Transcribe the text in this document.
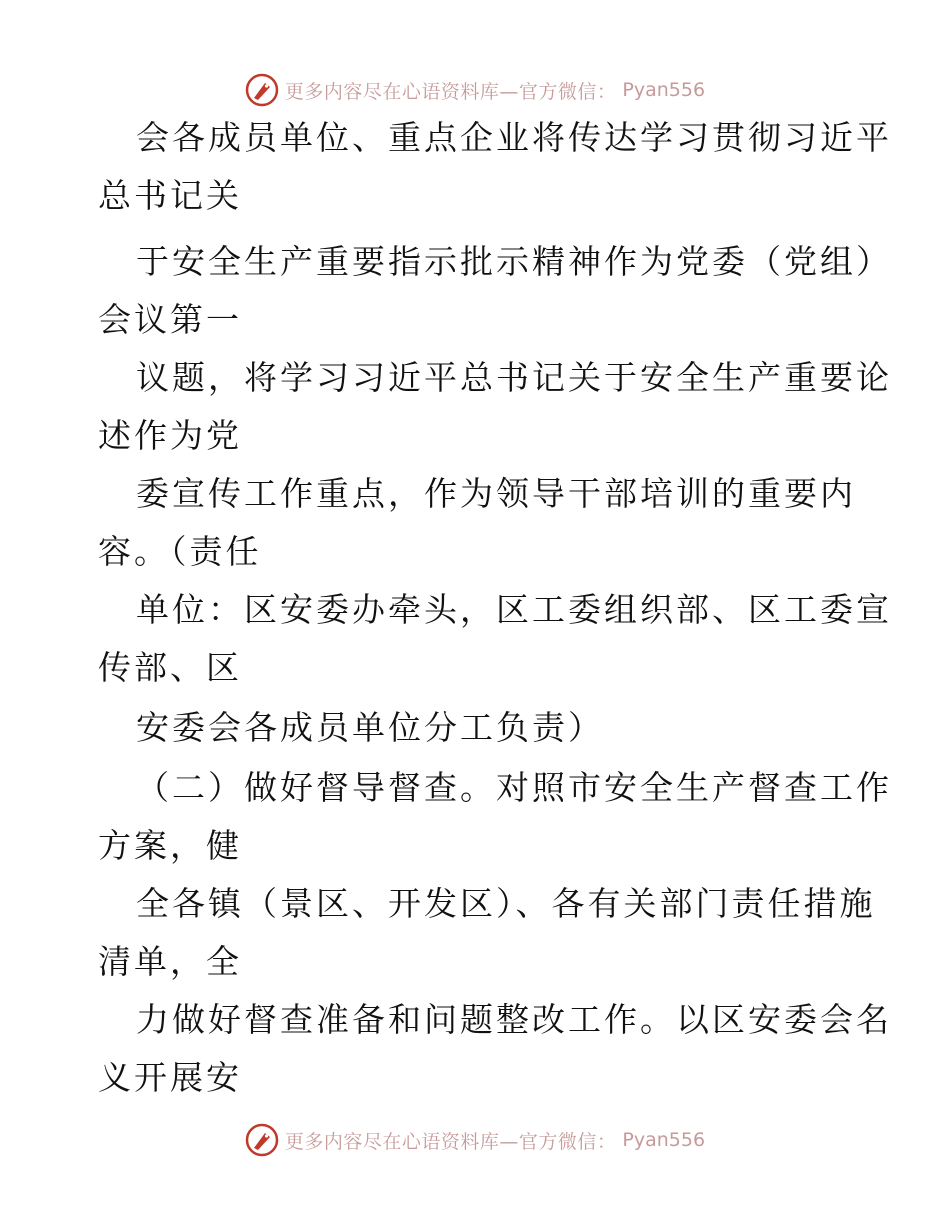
更多内容尽在心语资料库—官方微信： Pyan556
会各成员单位、重点企业将传达学习贯彻习近平
总书记关
于安全生产重要指示批示精神作为党委（党组）
会议第一
议题，将学习习近平总书记关于安全生产重要论
述作为党
委宣传工作重点，作为领导干部培训的重要内
容。（责任
单位：区安委办牵头，区工委组织部、区工委宣
传部、区
安委会各成员单位分工负责）
（二）做好督导督查。对照市安全生产督查工作
方案，健
全各镇（景区、开发区）、各有关部门责任措施
清单，全
力做好督查准备和问题整改工作。以区安委会名
义开展安
更多内容尽在心语资料库—官方微信： Pyan556
